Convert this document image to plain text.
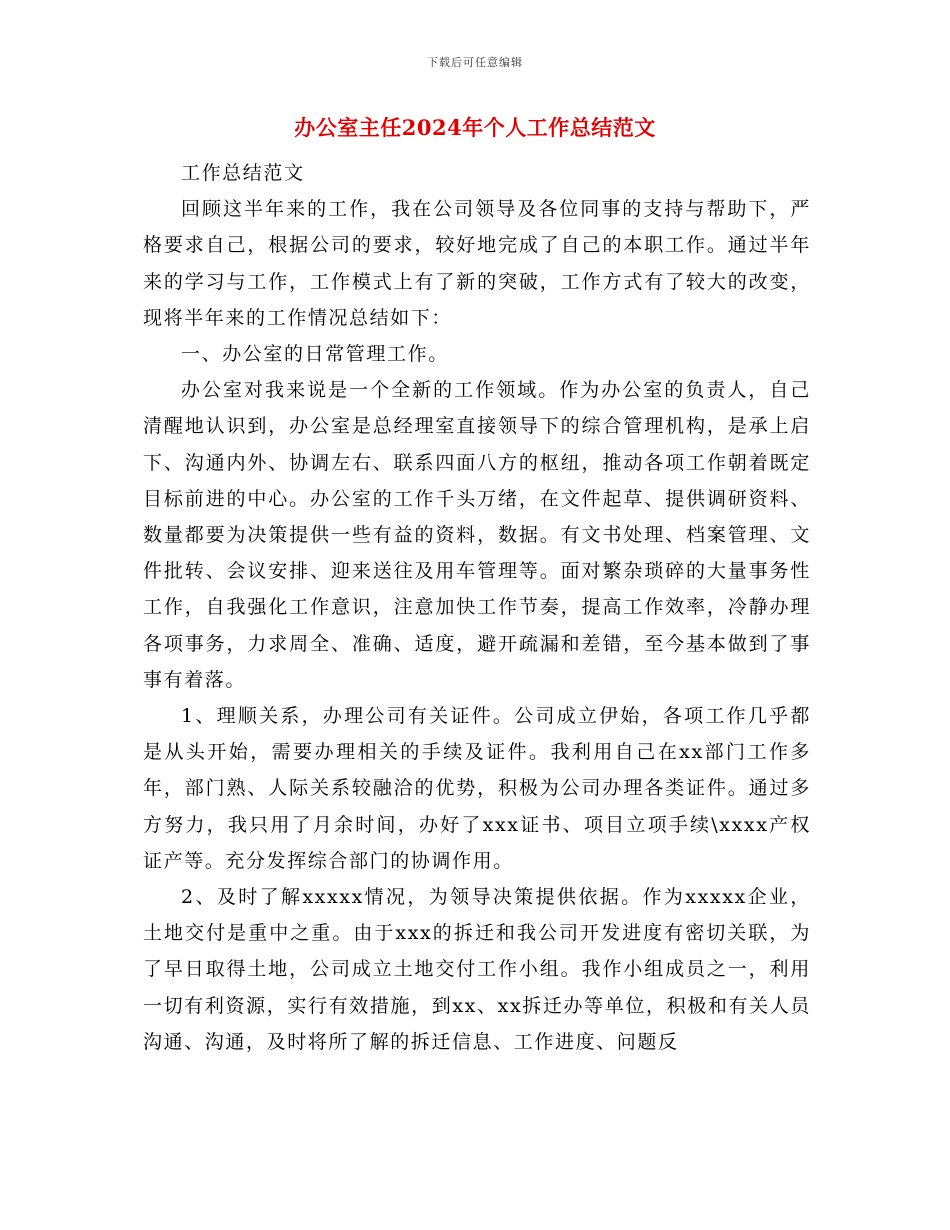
下载后可任意编辑
办公室主任2024年个人工作总结范文

工作总结范文

回顾这半年来的工作，我在公司领导及各位同事的支持与帮助下，严格要求自己，根据公司的要求，较好地完成了自己的本职工作。通过半年来的学习与工作，工作模式上有了新的突破，工作方式有了较大的改变，现将半年来的工作情况总结如下：

一、办公室的日常管理工作。

办公室对我来说是一个全新的工作领域。作为办公室的负责人，自己清醒地认识到，办公室是总经理室直接领导下的综合管理机构，是承上启下、沟通内外、协调左右、联系四面八方的枢纽，推动各项工作朝着既定目标前进的中心。办公室的工作千头万绪，在文件起草、提供调研资料、数量都要为决策提供一些有益的资料，数据。有文书处理、档案管理、文件批转、会议安排、迎来送往及用车管理等。面对繁杂琐碎的大量事务性工作，自我强化工作意识，注意加快工作节奏，提高工作效率，冷静办理各项事务，力求周全、准确、适度，避开疏漏和差错，至今基本做到了事事有着落。

1、理顺关系，办理公司有关证件。公司成立伊始，各项工作几乎都是从头开始，需要办理相关的手续及证件。我利用自己在xx部门工作多年，部门熟、人际关系较融洽的优势，积极为公司办理各类证件。通过多方努力，我只用了月余时间，办好了xxx证书、项目立项手续\xxxx产权证产等。充分发挥综合部门的协调作用。

2、及时了解xxxxx情况，为领导决策提供依据。作为xxxxx企业，土地交付是重中之重。由于xxx的拆迁和我公司开发进度有密切关联，为了早日取得土地，公司成立土地交付工作小组。我作小组成员之一，利用一切有利资源，实行有效措施，到xx、xx拆迁办等单位，积极和有关人员沟通、沟通，及时将所了解的拆迁信息、工作进度、问题反
